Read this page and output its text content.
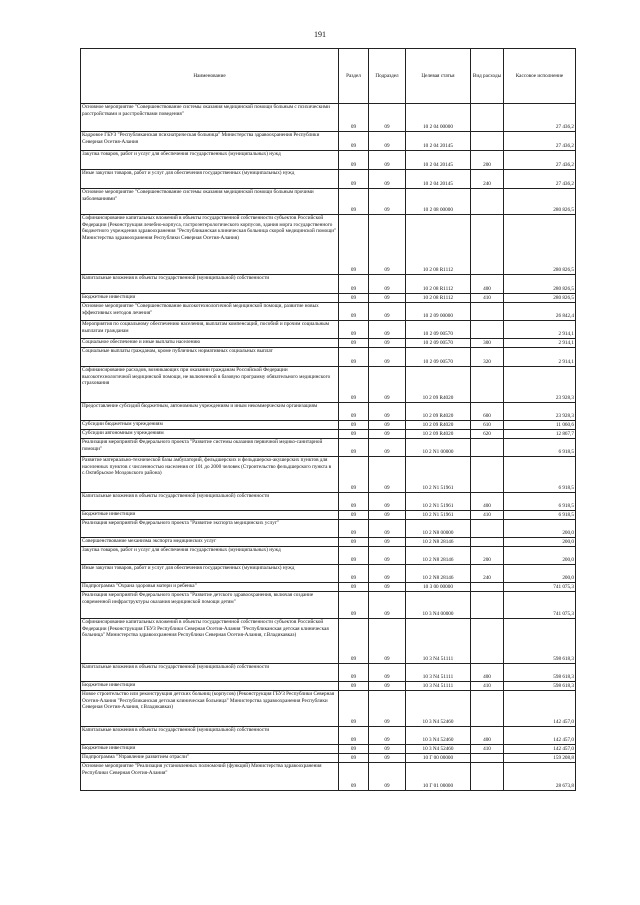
191
Наименование	Раздел	Подраздел	Целевая статья	Вид расходы	Кассовое исполнение
Основное мероприятие "Совершенствование системы оказания медицинской помощи больным с психическими расстройствами и расстройствами поведения"	09	09	10 2 04 00000		27 436,2
Кадровое ГБУЗ "Республиканская психиатрическая больница" Министерства здравоохранения Республики Северная Осетия-Алания	09	09	10 2 04 20145		27 436,2
Закупка товаров, работ и услуг для обеспечения государственных (муниципальных) нужд	09	09	10 2 04 20145	200	27 436,2
Иные закупки товаров, работ и услуг для обеспечения государственных (муниципальных) нужд	09	09	10 2 04 20145	240	27 436,2
Основное мероприятие "Совершенствование системы оказания медицинской помощи больным прочими заболеваниями"	09	09	10 2 08 00000		280 826,5
Софинансирование капитальных вложений в объекты государственной собственности субъектов Российской Федерации (Реконструкция лечебно-корпуса, гастроэнтерологического корпусов, здания морга государственного бюджетного учреждения здравоохранения "Республиканская клиническая больница скорой медицинской помощи" Министерства здравоохранения Республики Северная Осетия-Алания)	09	09	10 2 08 R1112		280 826,5
Капитальные вложения в объекты государственной (муниципальной) собственности	09	09	10 2 08 R1112	400	280 826,5
Бюджетные инвестиции	09	09	10 2 08 R1112	410	280 826,5
Основное мероприятие "Совершенствование высокотехнологичной медицинской помощи, развитие новых эффективных методов лечения"	09	09	10 2 09 00000		26 842,4
Мероприятия по социальному обеспечению населения, выплатам компенсаций, пособий и прочим социальным выплатам гражданам	09	09	10 2 09 00570		2 914,1
Социальное обеспечение и иные выплаты населению	09	09	10 2 09 00570	300	2 914,1
Социальные выплаты гражданам, кроме публичных нормативных социальных выплат	09	09	10 2 09 00570	320	2 914,1
Софинансирование расходов, возникающих при оказании гражданам Российской Федерации высокотехнологичной медицинской помощи, не включенной в базовую программу обязательного медицинского страхования	09	09	10 2 09 R4020		23 928,3
Предоставление субсидий бюджетным, автономным учреждениям и иным некоммерческим организациям	09	09	10 2 09 R4020	600	23 928,3
Субсидии бюджетным учреждениям	09	09	10 2 09 R4020	610	11 060,6
Субсидии автономным учреждениям	09	09	10 2 09 R4020	620	12 867,7
Реализация мероприятий Федерального проекта "Развитие системы оказания первичной медико-санитарной помощи"	09	09	10 2 N1 00000		6 918,5
Развитие материально-технической базы амбулаторий, фельдшерских и фельдшерско-акушерских пунктов для населенных пунктов с численностью населения от 101 до 2000 человек (Строительство фельдшерского пункта в с.Октябрьское Моздокского района)	09	09	10 2 N1 51961		6 918,5
Капитальные вложения в объекты государственной (муниципальной) собственности	09	09	10 2 N1 51961	400	6 918,5
Бюджетные инвестиции	09	09	10 2 N1 51961	410	6 918,5
Реализация мероприятий Федерального проекта "Развитие экспорта медицинских услуг"	09	09	10 2 N8 00000		200,0
Совершенствование механизма экспорта медицинских услуг	09	09	10 2 N8 28146		200,0
Закупка товаров, работ и услуг для обеспечения государственных (муниципальных) нужд	09	09	10 2 N8 28146	200	200,0
Иные закупки товаров, работ и услуг для обеспечения государственных (муниципальных) нужд	09	09	10 2 N8 28146	240	200,0
Подпрограмма "Охрана здоровья матери и ребенка"	09	09	10 3 00 00000		741 075,3
Реализация мероприятий Федерального проекта "Развитие детского здравоохранения, включая создание современной инфраструктуры оказания медицинской помощи детям"	09	09	10 3 N4 00000		741 075,3
Софинансирование капитальных вложений в объекты государственной собственности субъектов Российской Федерации (Реконструкция ГБУЗ Республики Северная Осетия-Алания "Республиканская детская клиническая больница" Министерства здравоохранения Республики Северная Осетия-Алания, г.Владикавказ)	09	09	10 3 N4 51111		598 618,3
Капитальные вложения в объекты государственной (муниципальной) собственности	09	09	10 3 N4 51111	400	598 618,3
Бюджетные инвестиции	09	09	10 3 N4 51111	410	598 618,3
Новое строительство или реконструкция детских больниц (корпусов) (Реконструкция ГБУЗ Республики Северная Осетия-Алания "Республиканская детская клиническая больница" Министерства здравоохранения Республики Северная Осетия-Алания, г.Владикавказ)	09	09	10 3 N4 52460		142 457,0
Капитальные вложения в объекты государственной (муниципальной) собственности	09	09	10 3 N4 52460	400	142 457,0
Бюджетные инвестиции	09	09	10 3 N4 52460	410	142 457,0
Подпрограмма "Управление развитием отрасли"	09	09	10 Г 00 00000		159 208,8
Основное мероприятие "Реализация установленных полномочий (функций) Министерства здравоохранения Республики Северная Осетия-Алания"	09	09	10 Г 01 00000		28 673,8
